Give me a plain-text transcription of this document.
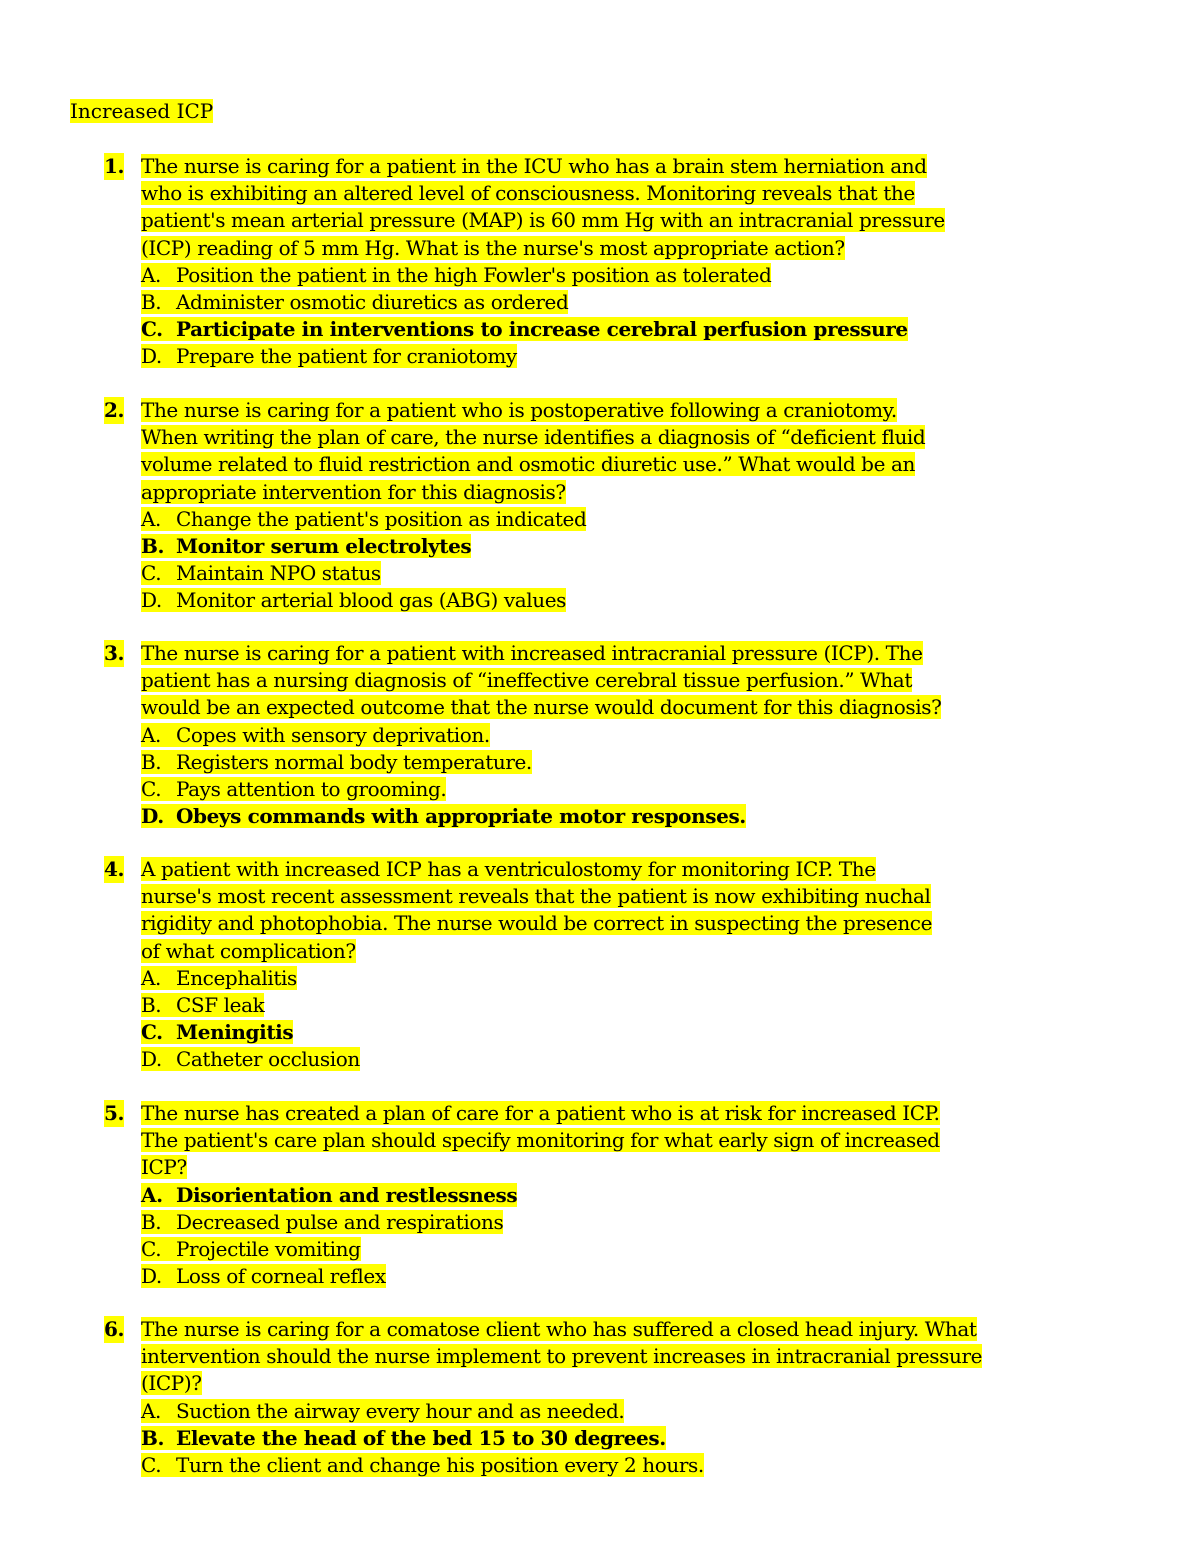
Increased ICP
1. The nurse is caring for a patient in the ICU who has a brain stem herniation and
who is exhibiting an altered level of consciousness. Monitoring reveals that the
patient's mean arterial pressure (MAP) is 60 mm Hg with an intracranial pressure
(ICP) reading of 5 mm Hg. What is the nurse's most appropriate action?
A. Position the patient in the high Fowler's position as tolerated
B. Administer osmotic diuretics as ordered
C. Participate in interventions to increase cerebral perfusion pressure
D. Prepare the patient for craniotomy
2. The nurse is caring for a patient who is postoperative following a craniotomy.
When writing the plan of care, the nurse identifies a diagnosis of “deficient fluid
volume related to fluid restriction and osmotic diuretic use.” What would be an
appropriate intervention for this diagnosis?
A. Change the patient's position as indicated
B. Monitor serum electrolytes
C. Maintain NPO status
D. Monitor arterial blood gas (ABG) values
3. The nurse is caring for a patient with increased intracranial pressure (ICP). The
patient has a nursing diagnosis of “ineffective cerebral tissue perfusion.” What
would be an expected outcome that the nurse would document for this diagnosis?
A. Copes with sensory deprivation.
B. Registers normal body temperature.
C. Pays attention to grooming.
D. Obeys commands with appropriate motor responses.
4. A patient with increased ICP has a ventriculostomy for monitoring ICP. The
nurse's most recent assessment reveals that the patient is now exhibiting nuchal
rigidity and photophobia. The nurse would be correct in suspecting the presence
of what complication?
A. Encephalitis
B. CSF leak
C. Meningitis
D. Catheter occlusion
5. The nurse has created a plan of care for a patient who is at risk for increased ICP.
The patient's care plan should specify monitoring for what early sign of increased
ICP?
A. Disorientation and restlessness
B. Decreased pulse and respirations
C. Projectile vomiting
D. Loss of corneal reflex
6. The nurse is caring for a comatose client who has suffered a closed head injury. What
intervention should the nurse implement to prevent increases in intracranial pressure
(ICP)?
A. Suction the airway every hour and as needed.
B. Elevate the head of the bed 15 to 30 degrees.
C. Turn the client and change his position every 2 hours.
